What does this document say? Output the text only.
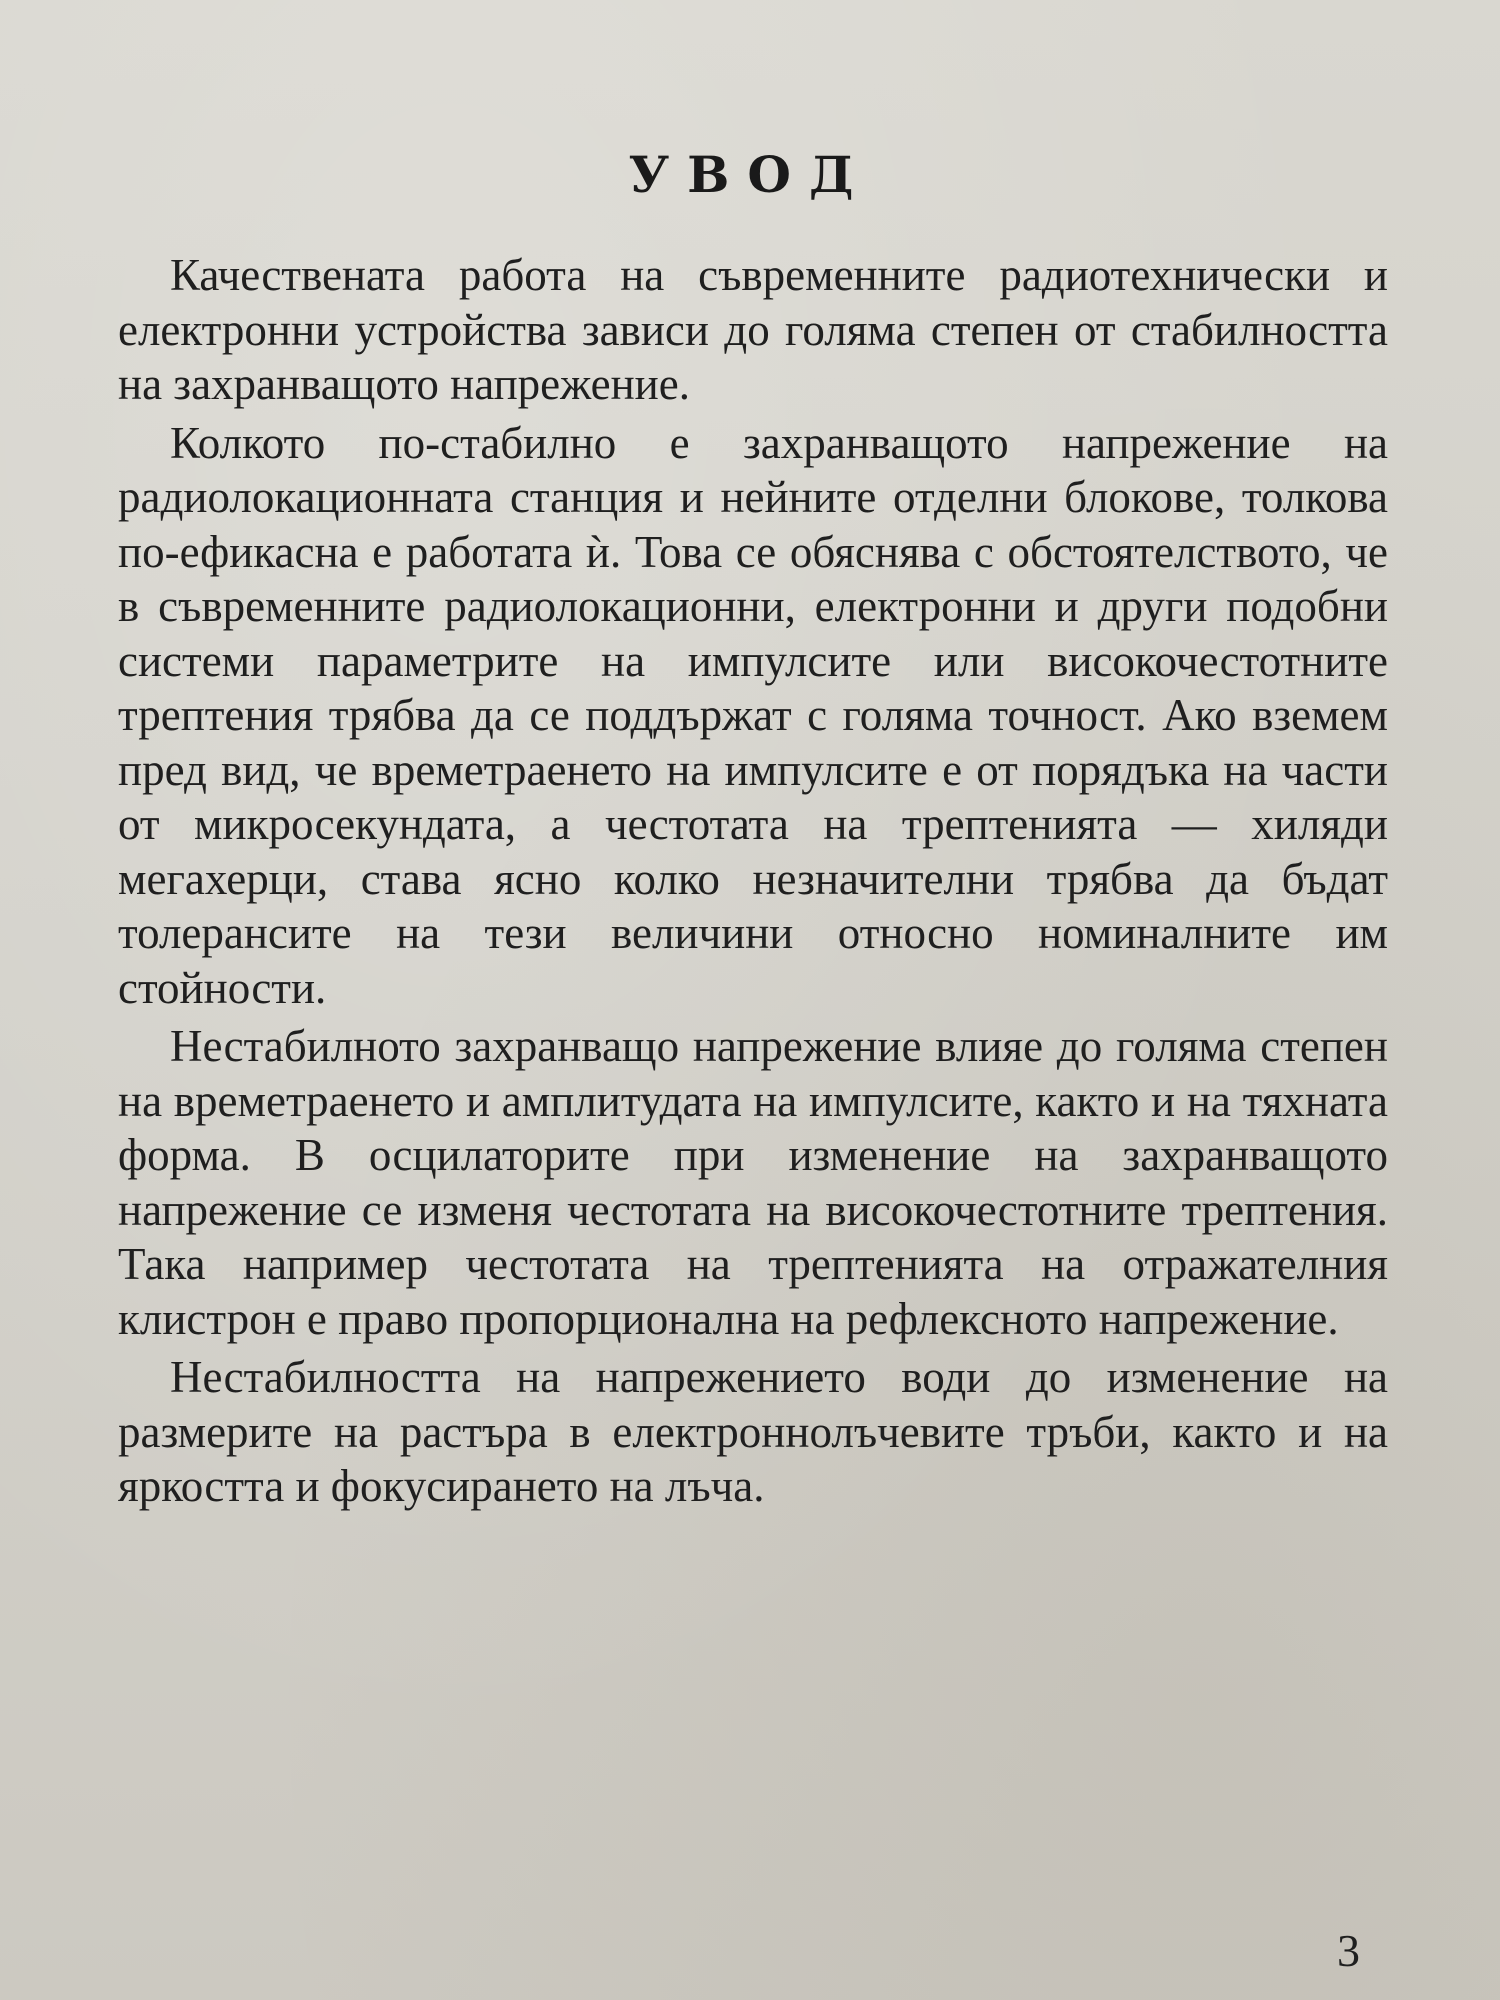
УВОД

Качествената работа на съвременните радиотехнически и електронни устройства зависи до голяма степен от стабилността на захранващото напрежение.

Колкото по-стабилно е захранващото напрежение на радиолокационната станция и нейните отделни блокове, толкова по-ефикасна е работата ѝ. Това се обяснява с обстоятелството, че в съвременните радиолокационни, електронни и други подобни системи параметрите на импулсите или високочестотните трептения трябва да се поддържат с голяма точност. Ако вземем пред вид, че времетраенето на импулсите е от порядъка на части от микросекундата, а честотата на трептенията — хиляди мегахерци, става ясно колко незначителни трябва да бъдат толерансите на тези величини относно номиналните им стойности.

Нестабилното захранващо напрежение влияе до голяма степен на времетраенето и амплитудата на импулсите, както и на тяхната форма. В осцилаторите при изменение на захранващото напрежение се изменя честотата на високочестотните трептения. Така например честотата на трептенията на отражателния клистрон е право пропорционална на рефлексното напрежение.

Нестабилността на напрежението води до изменение на размерите на растъра в електроннолъчевите тръби, както и на яркостта и фокусирането на лъча.

3
